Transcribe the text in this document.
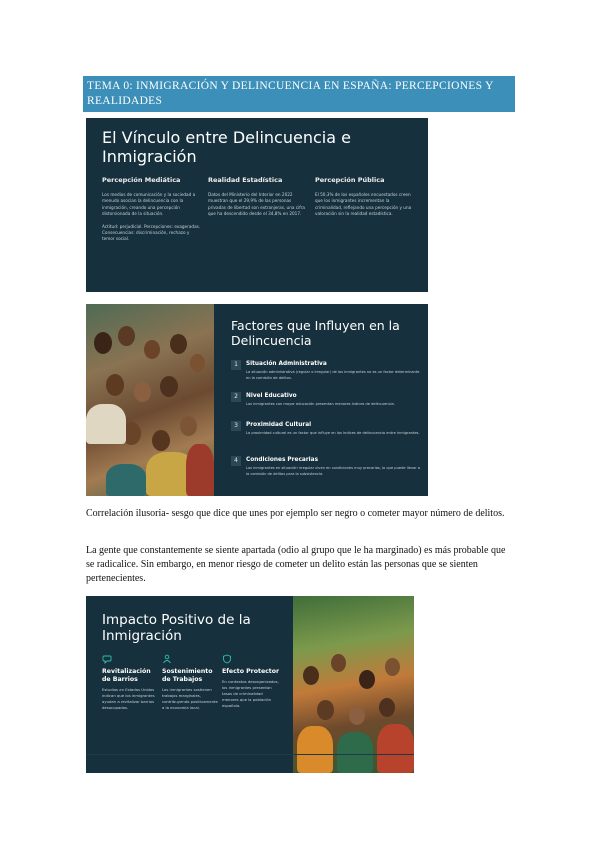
TEMA 0: INMIGRACIÓN Y DELINCUENCIA EN ESPAÑA: PERCEPCIONES Y REALIDADES
El Vínculo entre Delincuencia e Inmigración
Percepción Mediática
Los medios de comunicación y la sociedad a menudo asocian la delincuencia con la inmigración, creando una percepción distorsionada de la situación.
Actitud: perjudicial. Percepciones: exageradas. Consecuencias: discriminación, rechazo y temor social.
Realidad Estadística
Datos del Ministerio del Interior en 2022 muestran que el 29,9% de las personas privadas de libertad son extranjeras, una cifra que ha descendido desde el 34,8% en 2017.
Percepción Pública
El 50,3% de los españoles encuestados creen que los inmigrantes incrementan la criminalidad, reflejando una percepción y una valoración sin la realidad estadística.
Factores que Influyen en la Delincuencia
1	Situación Administrativa
La situación administrativa (regular o irregular) de los inmigrantes no es un factor determinante en la comisión de delitos.
2	Nivel Educativo
Los inmigrantes con mayor educación presentan menores índices de delincuencia.
3	Proximidad Cultural
La proximidad cultural es un factor que influye en los índices de delincuencia entre inmigrantes.
4	Condiciones Precarias
Los inmigrantes en situación irregular viven en condiciones muy precarias, lo que puede llevar a la comisión de delitos para la subsistencia.
Correlación ilusoria- sesgo que dice que unes por ejemplo ser negro o cometer mayor número de delitos.
La gente que constantemente se siente apartada (odio al grupo que le ha marginado) es más probable que se radicalice. Sin embargo, en menor riesgo de cometer un delito están las personas que se sienten pertenecientes.
Impacto Positivo de la Inmigración
Revitalización de Barrios
Estudios en Estados Unidos indican que los inmigrantes ayudan a revitalizar barrios desocupados.
Sostenimiento de Trabajos
Los inmigrantes sostienen trabajos marginales, contribuyendo positivamente a la economía local.
Efecto Protector
En contextos desorganizados, los inmigrantes presentan tasas de criminalidad menores que la población española.
